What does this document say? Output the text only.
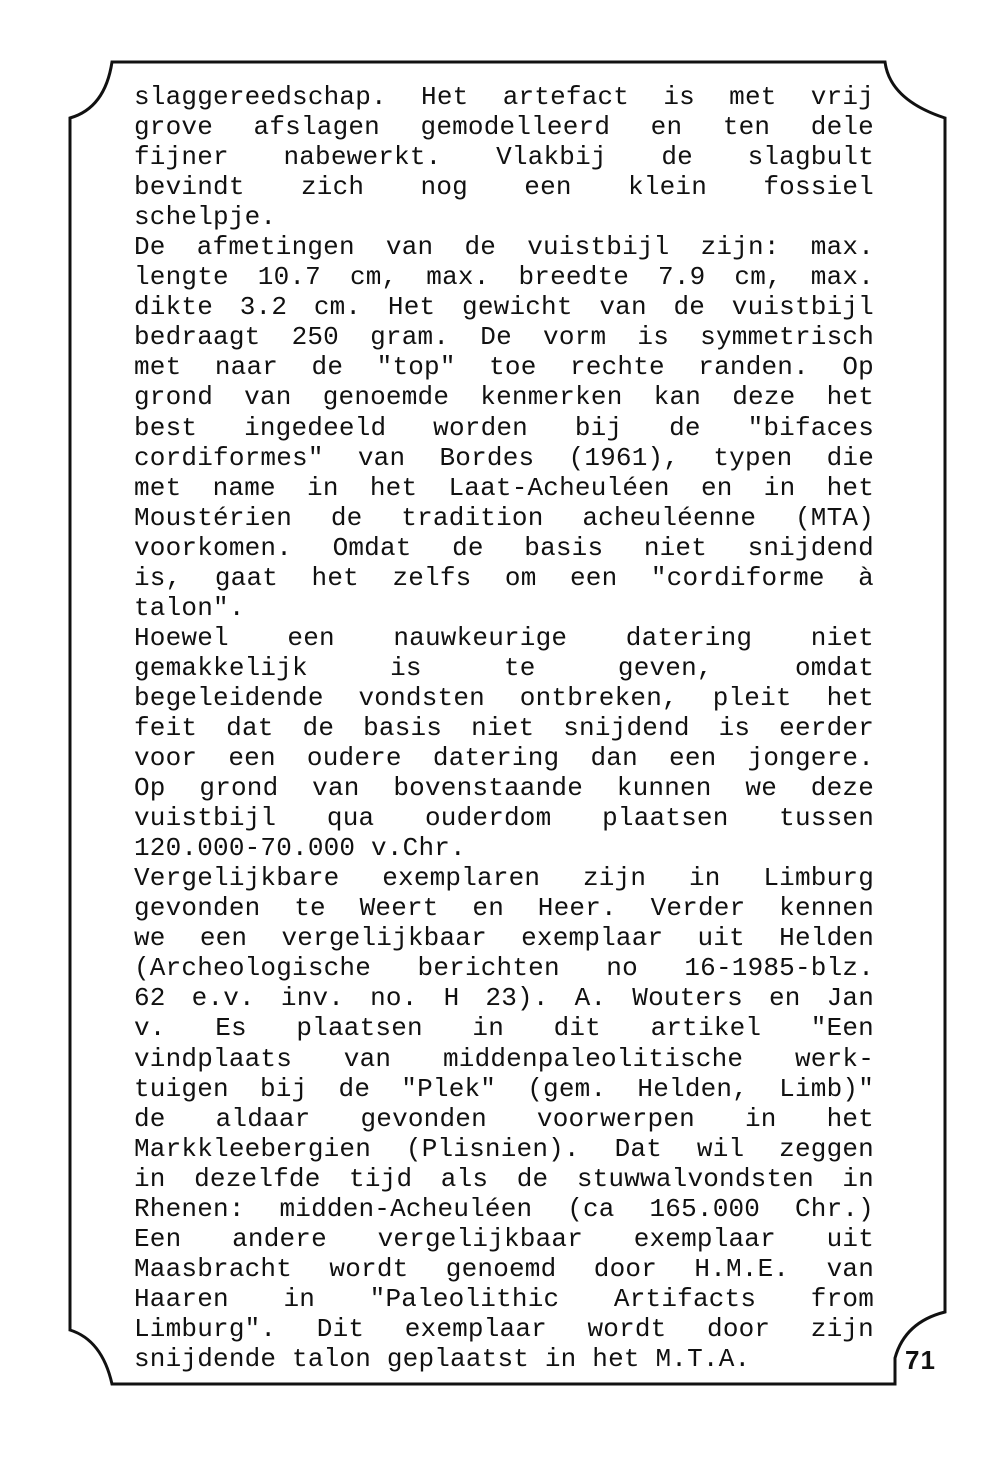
slaggereedschap. Het artefact is met vrij
grove afslagen gemodelleerd en ten dele
fijner nabewerkt. Vlakbij de slagbult
bevindt zich nog een klein fossiel
schelpje.
De afmetingen van de vuistbijl zijn: max.
lengte 10.7 cm, max. breedte 7.9 cm, max.
dikte 3.2 cm. Het gewicht van de vuistbijl
bedraagt 250 gram. De vorm is symmetrisch
met naar de "top" toe rechte randen. Op
grond van genoemde kenmerken kan deze het
best ingedeeld worden bij de "bifaces
cordiformes" van Bordes (1961), typen die
met name in het Laat-Acheuléen en in het
Moustérien de tradition acheuléenne (MTA)
voorkomen. Omdat de basis niet snijdend
is, gaat het zelfs om een "cordiforme à
talon".
Hoewel een nauwkeurige datering niet
gemakkelijk is te geven, omdat
begeleidende vondsten ontbreken, pleit het
feit dat de basis niet snijdend is eerder
voor een oudere datering dan een jongere.
Op grond van bovenstaande kunnen we deze
vuistbijl qua ouderdom plaatsen tussen
120.000-70.000 v.Chr.
Vergelijkbare exemplaren zijn in Limburg
gevonden te Weert en Heer. Verder kennen
we een vergelijkbaar exemplaar uit Helden
(Archeologische berichten no 16-1985-blz.
62 e.v. inv. no. H 23). A. Wouters en Jan
v. Es plaatsen in dit artikel "Een
vindplaats van middenpaleolitische werk-
tuigen bij de "Plek" (gem. Helden, Limb)"
de aldaar gevonden voorwerpen in het
Markkleebergien (Plisnien). Dat wil zeggen
in dezelfde tijd als de stuwwalvondsten in
Rhenen: midden-Acheuléen (ca 165.000 Chr.)
Een andere vergelijkbaar exemplaar uit
Maasbracht wordt genoemd door H.M.E. van
Haaren in "Paleolithic Artifacts from
Limburg". Dit exemplaar wordt door zijn
snijdende talon geplaatst in het M.T.A.	71
